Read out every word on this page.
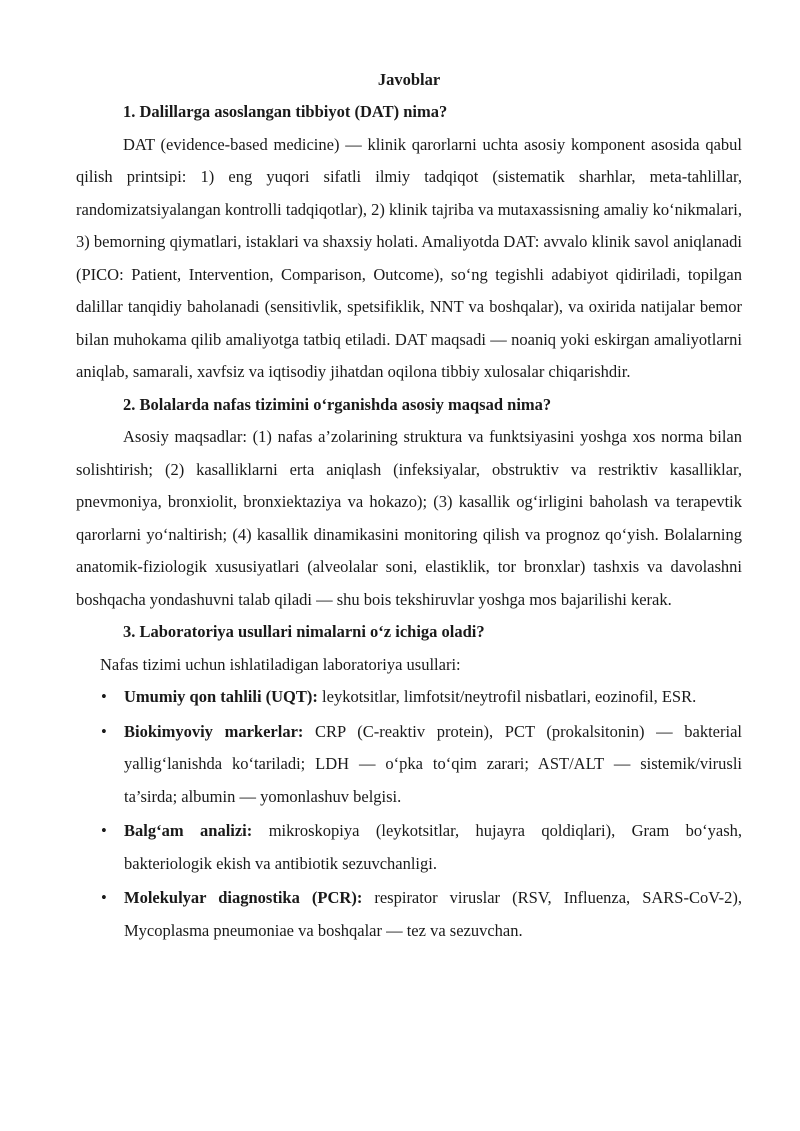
Javoblar

1. Dalillarga asoslangan tibbiyot (DAT) nima?

DAT (evidence-based medicine) — klinik qarorlarni uchta asosiy komponent asosida qabul qilish printsipi: 1) eng yuqori sifatli ilmiy tadqiqot (sistematik sharhlar, meta-tahlillar, randomizatsiyalangan kontrolli tadqiqotlar), 2) klinik tajriba va mutaxassisning amaliy ko‘nikmalari, 3) bemorning qiymatlari, istaklari va shaxsiy holati. Amaliyotda DAT: avvalo klinik savol aniqlanadi (PICO: Patient, Intervention, Comparison, Outcome), so‘ng tegishli adabiyot qidiriladi, topilgan dalillar tanqidiy baholanadi (sensitivlik, spetsifiklik, NNT va boshqalar), va oxirida natijalar bemor bilan muhokama qilib amaliyotga tatbiq etiladi. DAT maqsadi — noaniq yoki eskirgan amaliyotlarni aniqlab, samarali, xavfsiz va iqtisodiy jihatdan oqilona tibbiy xulosalar chiqarishdir.

2. Bolalarda nafas tizimini o‘rganishda asosiy maqsad nima?

Asosiy maqsadlar: (1) nafas a’zolarining struktura va funktsiyasini yoshga xos norma bilan solishtirish; (2) kasalliklarni erta aniqlash (infeksiyalar, obstruktiv va restriktiv kasalliklar, pnevmoniya, bronxiolit, bronxiektaziya va hokazo); (3) kasallik og‘irligini baholash va terapevtik qarorlarni yo‘naltirish; (4) kasallik dinamikasini monitoring qilish va prognoz qo‘yish. Bolalarning anatomik-fiziologik xususiyatlari (alveolalar soni, elastiklik, tor bronxlar) tashxis va davolashni boshqacha yondashuvni talab qiladi — shu bois tekshiruvlar yoshga mos bajarilishi kerak.

3. Laboratoriya usullari nimalarni o‘z ichiga oladi?

Nafas tizimi uchun ishlatiladigan laboratoriya usullari:

• Umumiy qon tahlili (UQT): leykotsitlar, limfotsit/neytrofil nisbatlari, eozinofil, ESR.
• Biokimyoviy markerlar: CRP (C-reaktiv protein), PCT (prokalsitonin) — bakterial yallig‘lanishda ko‘tariladi; LDH — o‘pka to‘qim zarari; AST/ALT — sistemik/virusli ta’sirda; albumin — yomonlashuv belgisi.
• Balg‘am analizi: mikroskopiya (leykotsitlar, hujayra qoldiqlari), Gram bo‘yash, bakteriologik ekish va antibiotik sezuvchanligi.
• Molekulyar diagnostika (PCR): respirator viruslar (RSV, Influenza, SARS-CoV-2), Mycoplasma pneumoniae va boshqalar — tez va sezuvchan.
